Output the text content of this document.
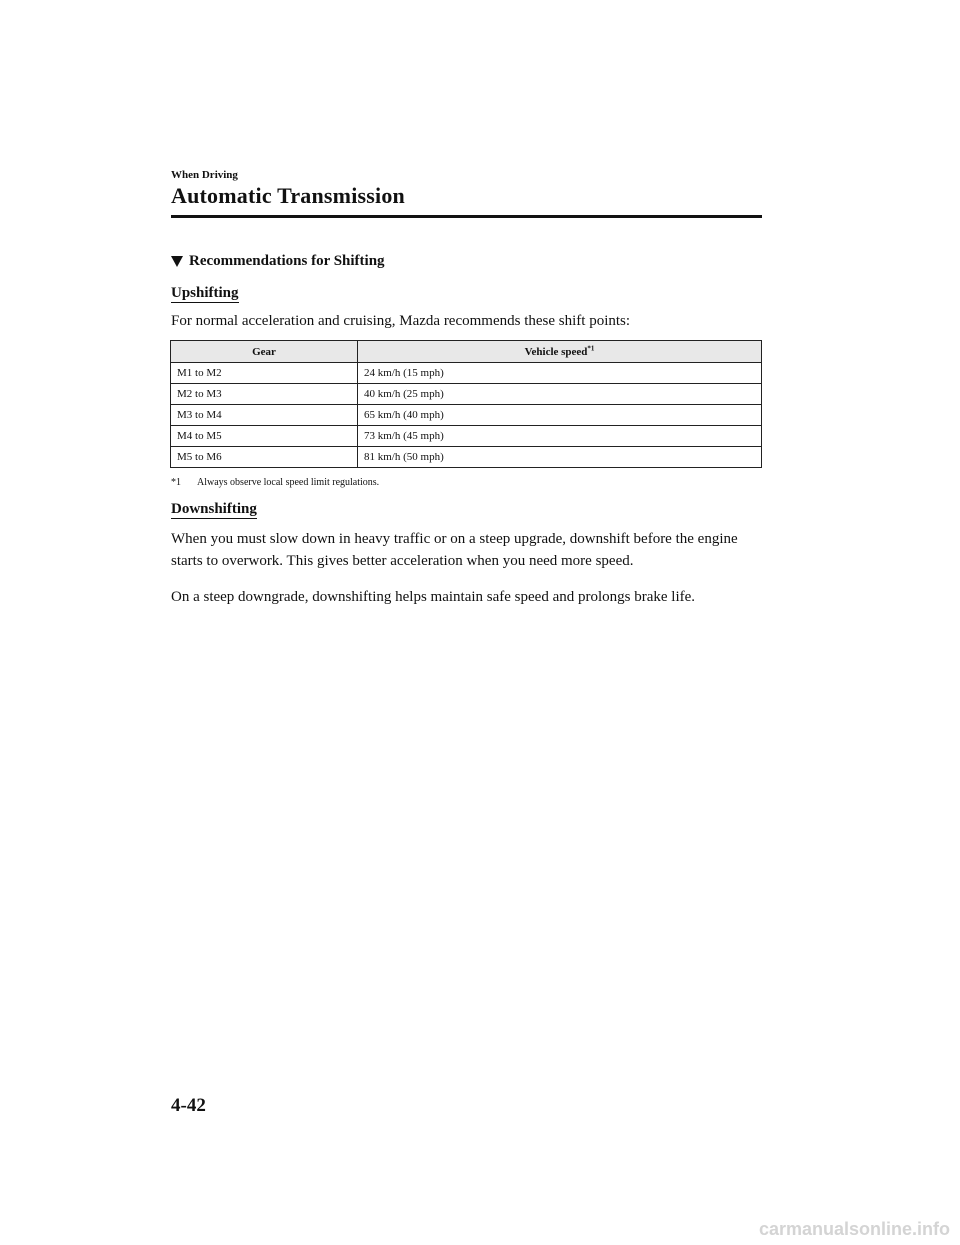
When Driving
Automatic Transmission
Recommendations for Shifting
Upshifting
For normal acceleration and cruising, Mazda recommends these shift points:
Gear	Vehicle speed$^{*1}$
M1 to M2	24 km/h (15 mph)
M2 to M3	40 km/h (25 mph)
M3 to M4	65 km/h (40 mph)
M4 to M5	73 km/h (45 mph)
M5 to M6	81 km/h (50 mph)
*1 Always observe local speed limit regulations.
Downshifting
When you must slow down in heavy traffic or on a steep upgrade, downshift before the engine starts to overwork. This gives better acceleration when you need more speed.
On a steep downgrade, downshifting helps maintain safe speed and prolongs brake life.
4-42
carmanualsonline.info
